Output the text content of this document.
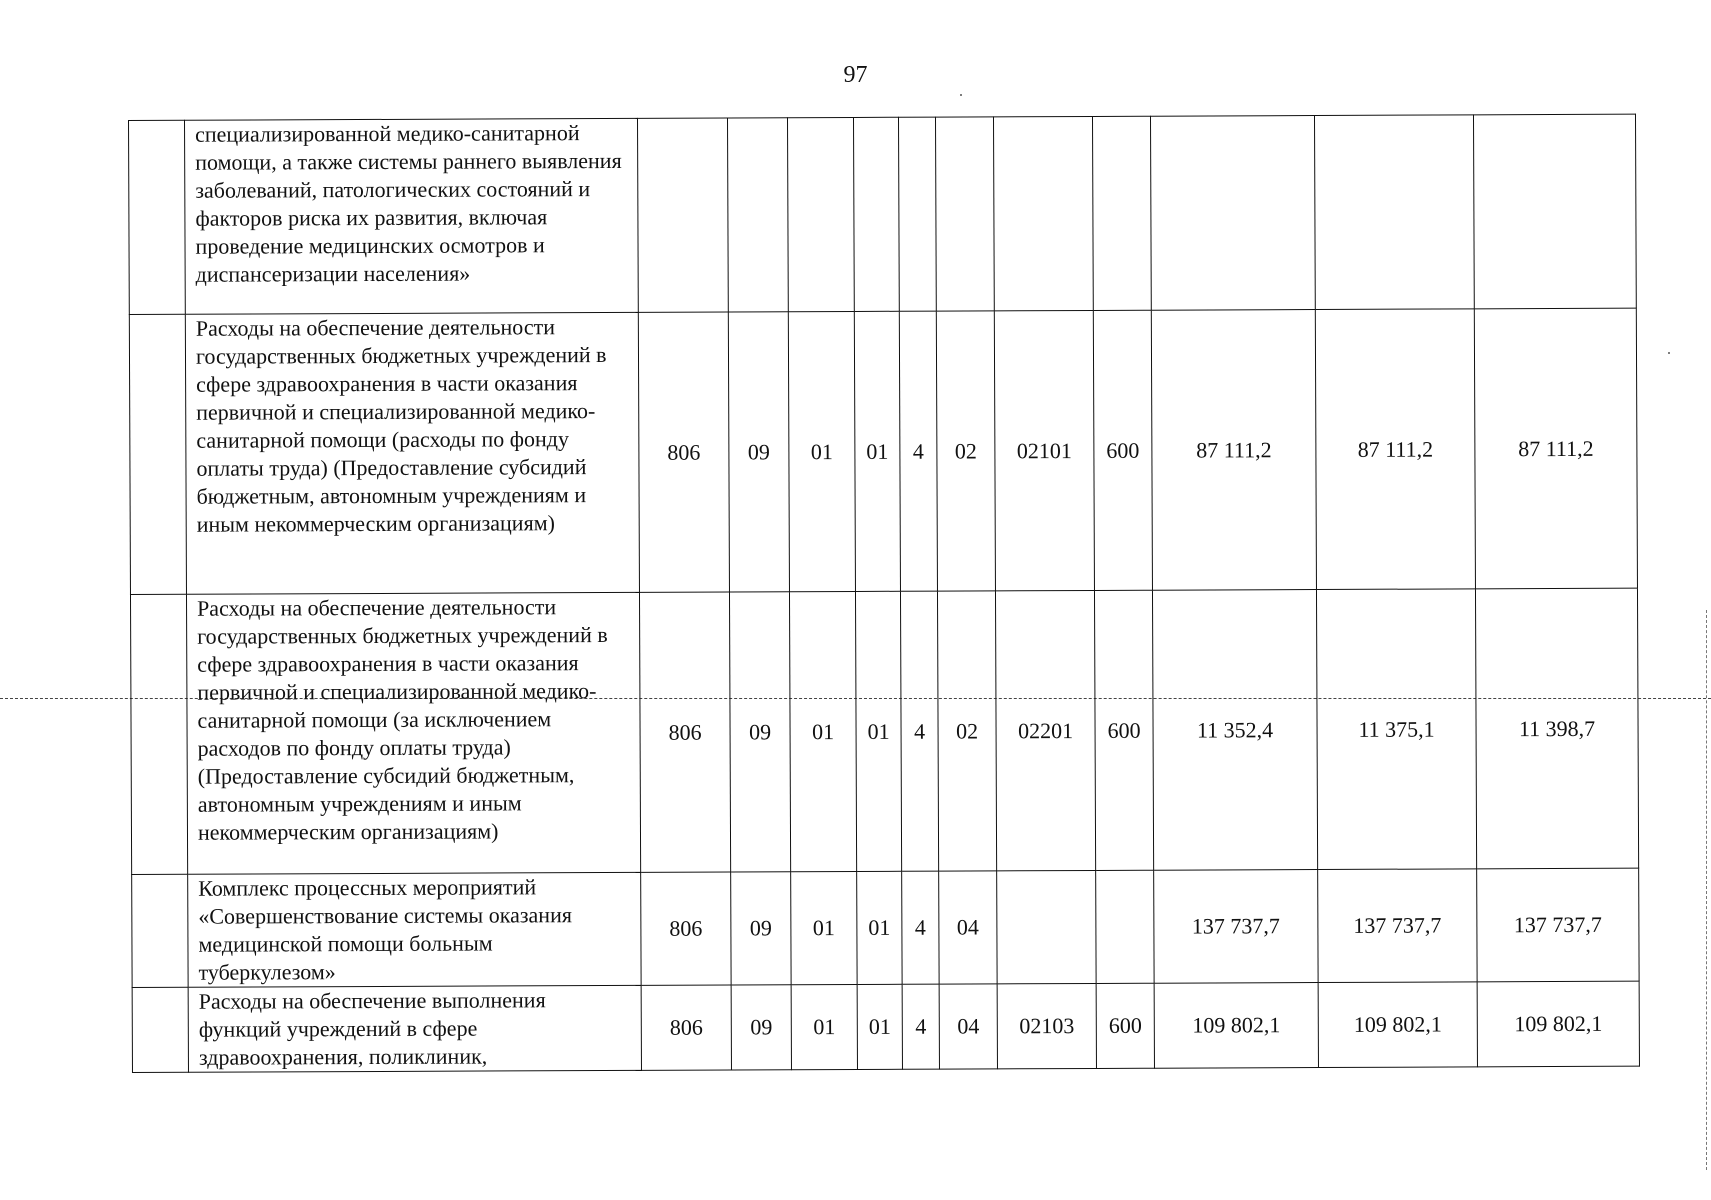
97
	специализированной медико-санитарной помощи, а также системы раннего выявления заболеваний, патологических состояний и факторов риска их развития, включая проведение медицинских осмотров и диспансеризации населения»											
	Расходы на обеспечение деятельности государственных бюджетных учреждений в сфере здравоохранения в части оказания первичной и специализированной медико-санитарной помощи (расходы по фонду оплаты труда) (Предоставление субсидий бюджетным, автономным учреждениям и иным некоммерческим организациям)	806	09	01	01	4	02	02101	600	87 111,2	87 111,2	87 111,2
	Расходы на обеспечение деятельности государственных бюджетных учреждений в сфере здравоохранения в части оказания первичной и специализированной медико-санитарной помощи (за исключением расходов по фонду оплаты труда) (Предоставление субсидий бюджетным, автономным учреждениям и иным некоммерческим организациям)	806	09	01	01	4	02	02201	600	11 352,4	11 375,1	11 398,7
	Комплекс процессных мероприятий «Совершенствование системы оказания медицинской помощи больным туберкулезом»	806	09	01	01	4	04			137 737,7	137 737,7	137 737,7
	Расходы на обеспечение выполнения функций учреждений в сфере здравоохранения, поликлиник,	806	09	01	01	4	04	02103	600	109 802,1	109 802,1	109 802,1
